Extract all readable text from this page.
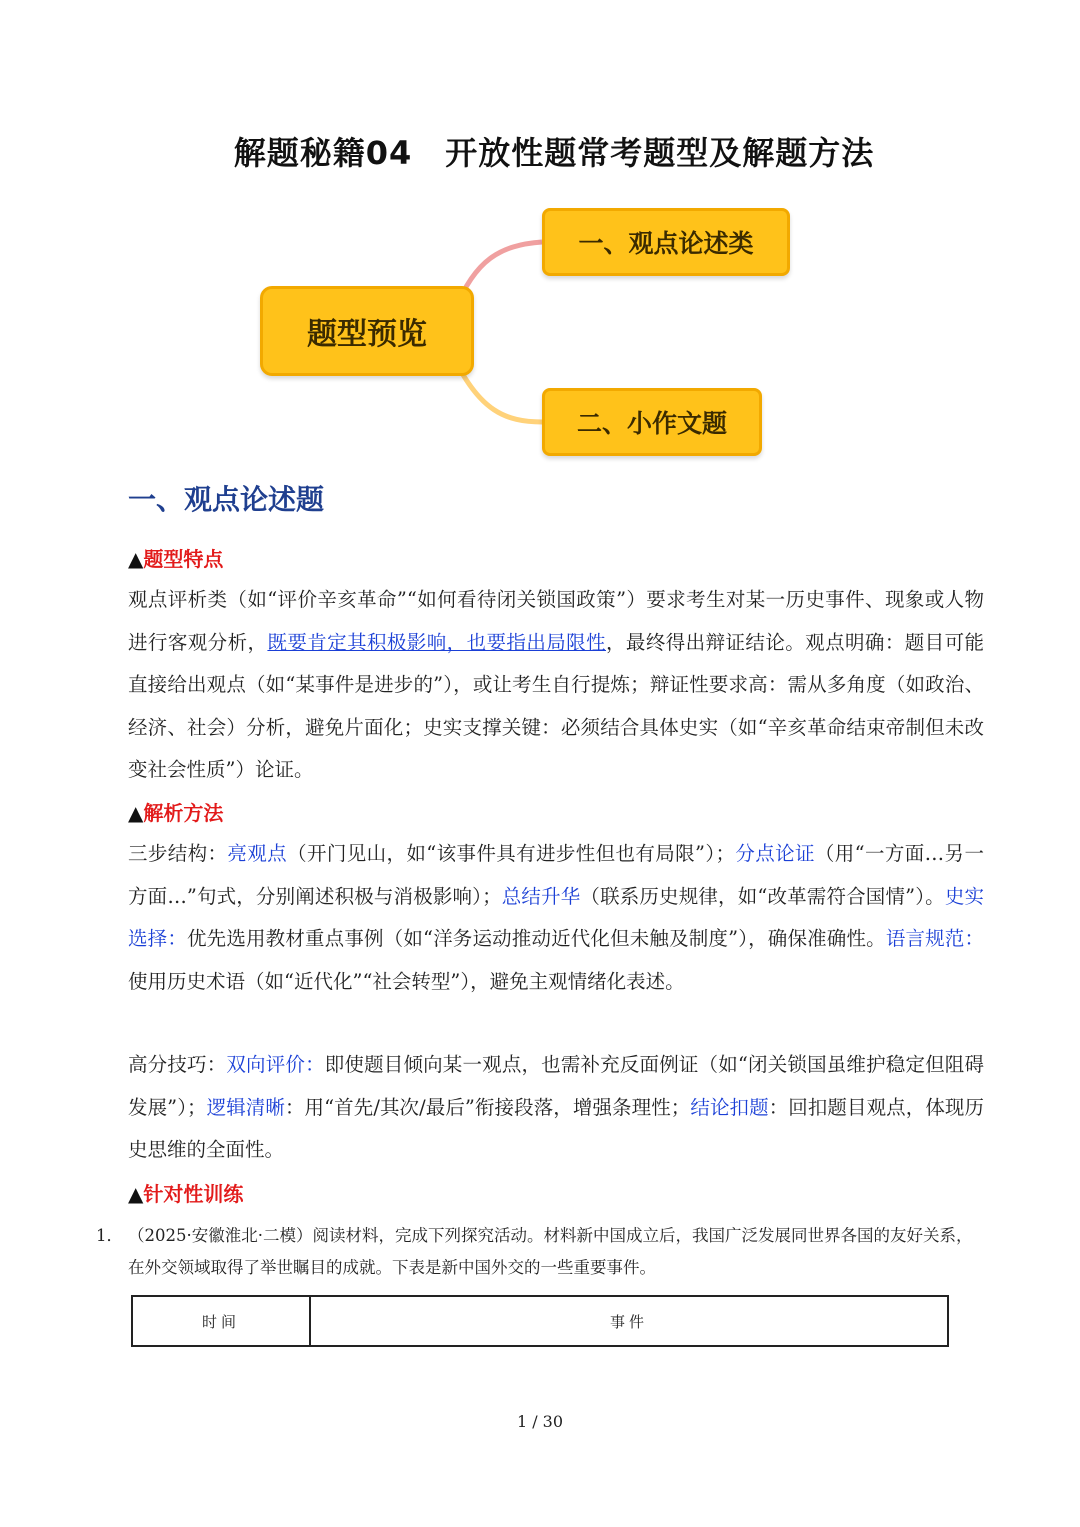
解题秘籍04　开放性题常考题型及解题方法
题型预览
一、观点论述类
二、小作文题
一、观点论述题
▲题型特点

观点评析类（如“评价辛亥革命”“如何看待闭关锁国政策”）要求考生对某一历史事件、现象或人物进行客观分析，既要肯定其积极影响，也要指出局限性，最终得出辩证结论。观点明确：题目可能直接给出观点（如“某事件是进步的”），或让考生自行提炼；辩证性要求高：需从多角度（如政治、经济、社会）分析，避免片面化；史实支撑关键：必须结合具体史实（如“辛亥革命结束帝制但未改变社会性质”）论证。

▲解析方法

三步结构：亮观点（开门见山，如“该事件具有进步性但也有局限”）；分点论证（用“一方面…另一方面…”句式，分别阐述积极与消极影响）；总结升华（联系历史规律，如“改革需符合国情”）。史实选择：优先选用教材重点事例（如“洋务运动推动近代化但未触及制度”），确保准确性。语言规范：使用历史术语（如“近代化”“社会转型”），避免主观情绪化表述。

高分技巧：双向评价：即使题目倾向某一观点，也需补充反面例证（如“闭关锁国虽维护稳定但阻碍发展”）；逻辑清晰：用“首先/其次/最后”衔接段落，增强条理性；结论扣题：回扣题目观点，体现历史思维的全面性。

▲针对性训练
1． （2025·安徽淮北·二模）阅读材料，完成下列探究活动。材料新中国成立后，我国广泛发展同世界各国的友好关系，在外交领域取得了举世瞩目的成就。下表是新中国外交的一些重要事件。
时间	事件
1 / 30
